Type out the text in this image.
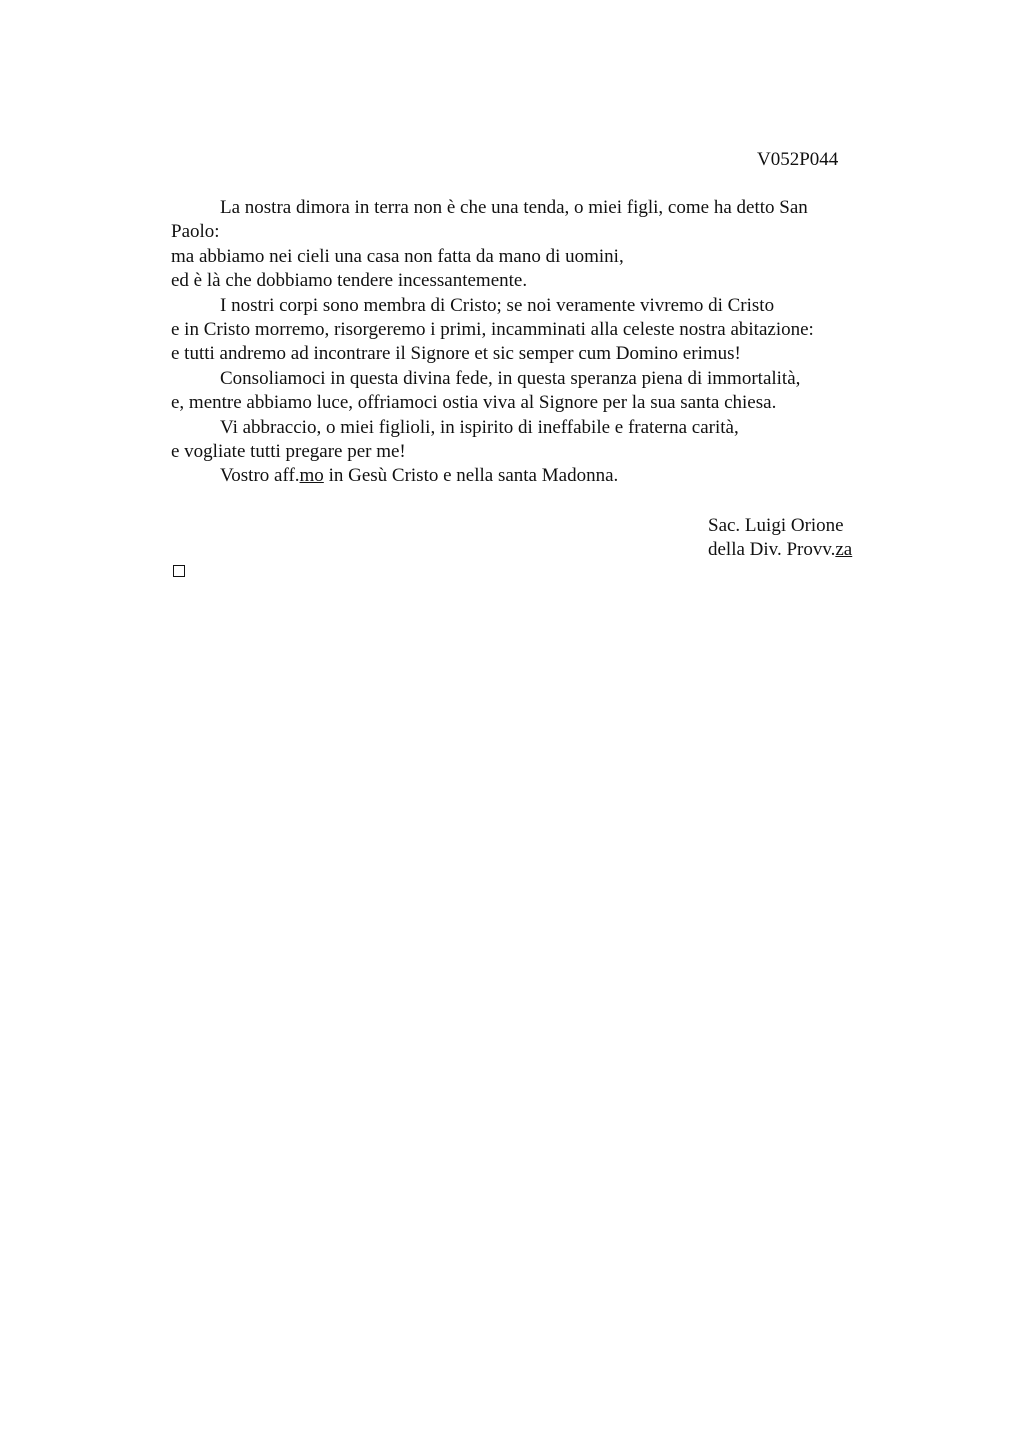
V052P044
La nostra dimora in terra non è che una tenda, o miei figli, come ha detto San
Paolo:
ma abbiamo nei cieli una casa non fatta da mano di uomini,
ed è là che dobbiamo tendere incessantemente.
I nostri corpi sono membra di Cristo; se noi veramente vivremo di Cristo
e in Cristo morremo, risorgeremo i primi, incamminati alla celeste nostra abitazione:
e tutti andremo ad incontrare il Signore et sic semper cum Domino erimus!
Consoliamoci in questa divina fede, in questa speranza piena di immortalità,
e, mentre abbiamo luce, offriamoci ostia viva al Signore per la sua santa chiesa.
Vi abbraccio, o miei figlioli, in ispirito di ineffabile e fraterna carità,
e vogliate tutti pregare per me!
Vostro aff.mo in Gesù Cristo e nella santa Madonna.
Sac. Luigi Orione
della Div. Provv.za
